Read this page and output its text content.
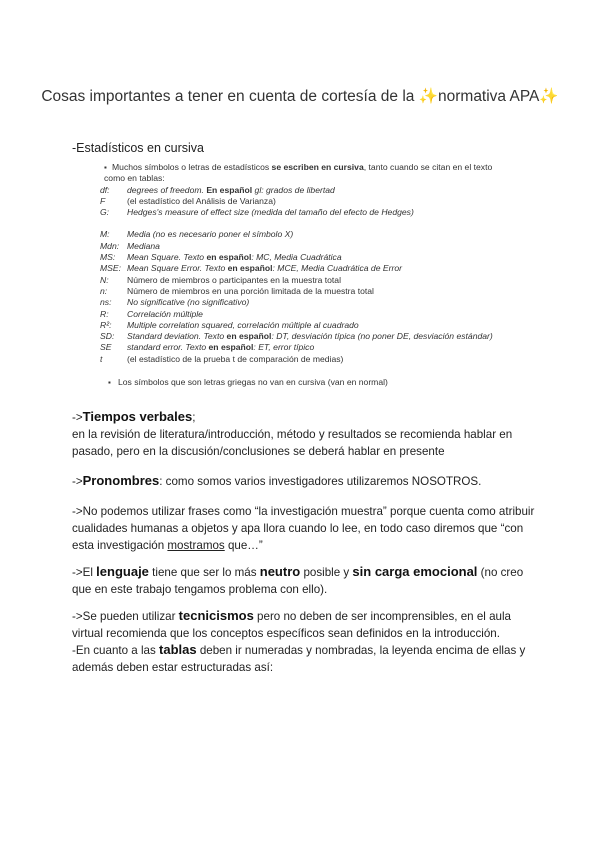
Cosas importantes a tener en cuenta de cortesía de la ✨normativa APA✨
-Estadísticos en cursiva
▪ Muchos símbolos o letras de estadísticos se escriben en cursiva, tanto cuando se citan en el texto como en tablas:
df:	degrees of freedom. En español gl: grados de libertad
F	(el estadístico del Análisis de Varianza)
G:	Hedges's measure of effect size (medida del tamaño del efecto de Hedges)
M:	Media (no es necesario poner el símbolo X)
Mdn: Mediana
MS:	Mean Square. Texto en español: MC, Media Cuadrática
MSE: Mean Square Error. Texto en español: MCE, Media Cuadrática de Error
N:	Número de miembros o participantes en la muestra total
n:	Número de miembros en una porción limitada de la muestra total
ns:	No significative (no significativo)
R:	Correlación múltiple
R²:	Multiple correlation squared, correlación múltiple al cuadrado
SD:	Standard deviation. Texto en español: DT, desviación típica (no poner DE, desviación estándar)
SE	standard error. Texto en español: ET, error típico
t	(el estadístico de la prueba t de comparación de medias)
▪ Los símbolos que son letras griegas no van en cursiva (van en normal)
->Tiempos verbales;
en la revisión de literatura/introducción, método y resultados se recomienda hablar en pasado, pero en la discusión/conclusiones se deberá hablar en presente
->Pronombres: como somos varios investigadores utilizaremos NOSOTROS.
->No podemos utilizar frases como “la investigación muestra” porque cuenta como atribuir cualidades humanas a objetos y apa llora cuando lo lee, en todo caso diremos que “con esta investigación mostramos que…”
->El lenguaje tiene que ser lo más neutro posible y sin carga emocional (no creo que en este trabajo tengamos problema con ello).
->Se pueden utilizar tecnicismos pero no deben de ser incomprensibles, en el aula virtual recomienda que los conceptos específicos sean definidos en la introducción.
-En cuanto a las tablas deben ir numeradas y nombradas, la leyenda encima de ellas y además deben estar estructuradas así:
